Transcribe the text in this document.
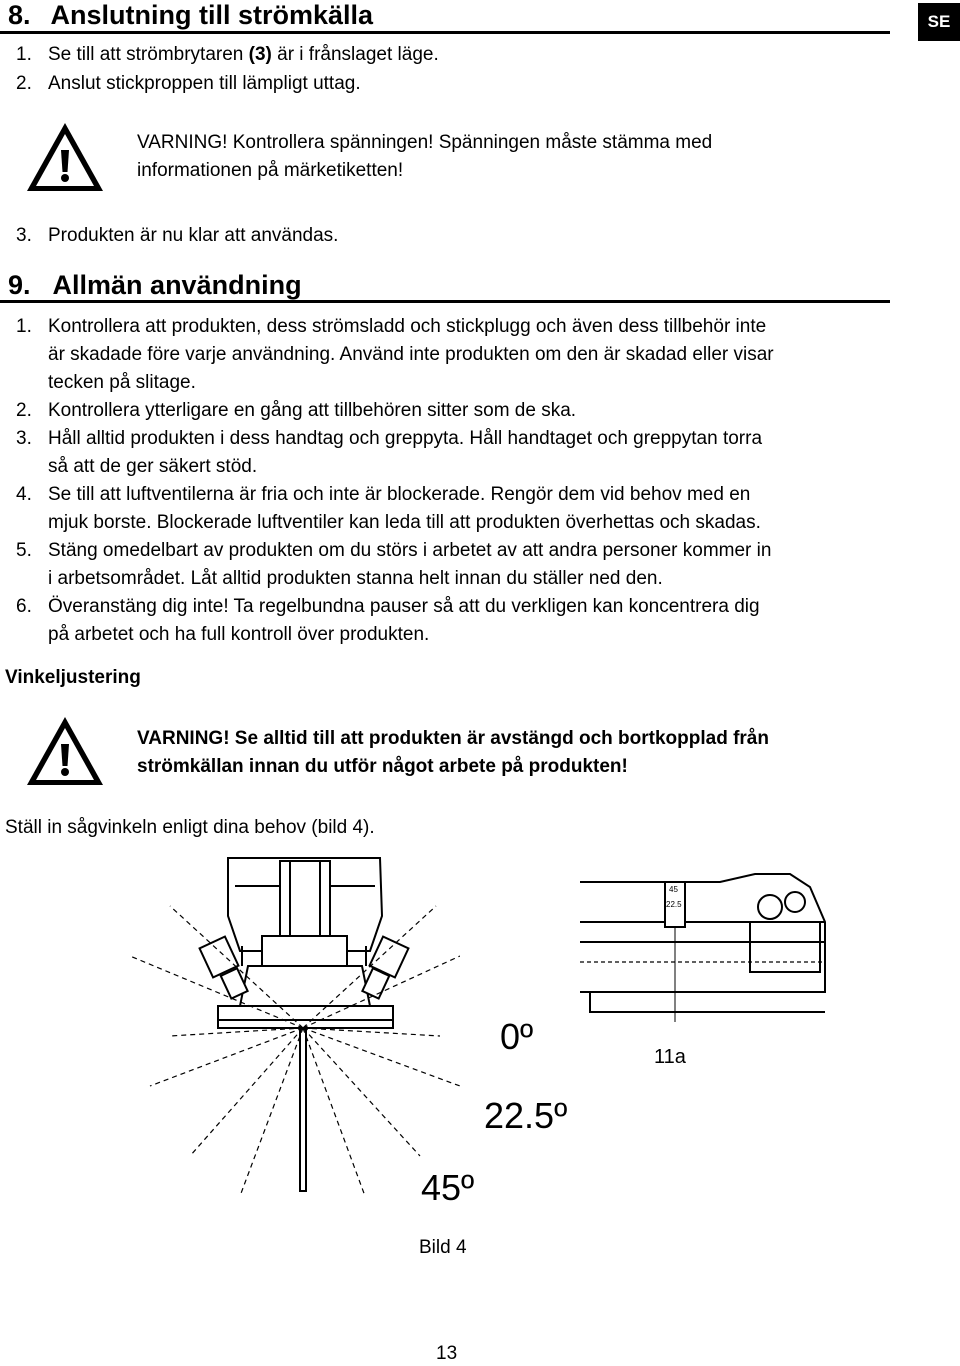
SE
8. Anslutning till strömkälla
1. Se till att strömbrytaren (3) är i frånslaget läge.
2. Anslut stickproppen till lämpligt uttag.
VARNING! Kontrollera spänningen! Spänningen måste stämma med
informationen på märketiketten!
3. Produkten är nu klar att användas.
9. Allmän användning
1. Kontrollera att produkten, dess strömsladd och stickplugg och även dess tillbehör inte
är skadade före varje användning. Använd inte produkten om den är skadad eller visar
tecken på slitage.
2. Kontrollera ytterligare en gång att tillbehören sitter som de ska.
3. Håll alltid produkten i dess handtag och greppyta. Håll handtaget och greppytan torra
så att de ger säkert stöd.
4. Se till att luftventilerna är fria och inte är blockerade. Rengör dem vid behov med en
mjuk borste. Blockerade luftventiler kan leda till att produkten överhettas och skadas.
5. Stäng omedelbart av produkten om du störs i arbetet av att andra personer kommer in
i arbetsområdet. Låt alltid produkten stanna helt innan du ställer ned den.
6. Överanstäng dig inte! Ta regelbundna pauser så att du verkligen kan koncentrera dig
på arbetet och ha full kontroll över produkten.
Vinkeljustering
VARNING! Se alltid till att produkten är avstängd och bortkopplad från
strömkällan innan du utför något arbete på produkten!
Ställ in sågvinkeln enligt dina behov (bild 4).
45
22.5
0º	11a
22.5º
45º
Bild 4
13
